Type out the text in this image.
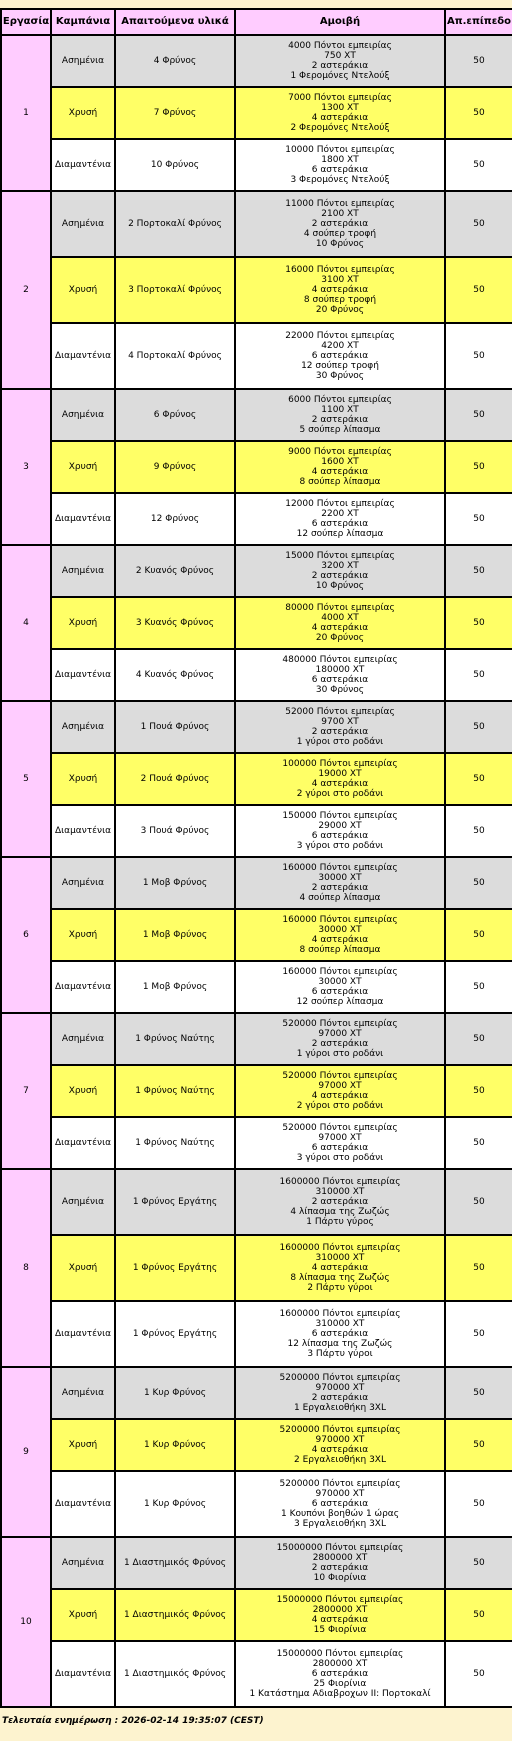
Εργασία	Καμπάνια	Απαιτούμενα υλικά	Αμοιβή	Απ.επίπεδο
1	Ασημένια	4 Φρύνος	4000 Πόντοι εμπειρίας
750 ΧΤ
2 αστεράκια
1 Φερομόνες Ντελούξ	50
	Χρυσή	7 Φρύνος	7000 Πόντοι εμπειρίας
1300 ΧΤ
4 αστεράκια
2 Φερομόνες Ντελούξ	50
	Διαμαντένια	10 Φρύνος	10000 Πόντοι εμπειρίας
1800 ΧΤ
6 αστεράκια
3 Φερομόνες Ντελούξ	50
2	Ασημένια	2 Πορτοκαλί Φρύνος	11000 Πόντοι εμπειρίας
2100 ΧΤ
2 αστεράκια
4 σούπερ τροφή
10 Φρύνος	50
	Χρυσή	3 Πορτοκαλί Φρύνος	16000 Πόντοι εμπειρίας
3100 ΧΤ
4 αστεράκια
8 σούπερ τροφή
20 Φρύνος	50
	Διαμαντένια	4 Πορτοκαλί Φρύνος	22000 Πόντοι εμπειρίας
4200 ΧΤ
6 αστεράκια
12 σούπερ τροφή
30 Φρύνος	50
3	Ασημένια	6 Φρύνος	6000 Πόντοι εμπειρίας
1100 ΧΤ
2 αστεράκια
5 σούπερ λίπασμα	50
	Χρυσή	9 Φρύνος	9000 Πόντοι εμπειρίας
1600 ΧΤ
4 αστεράκια
8 σούπερ λίπασμα	50
	Διαμαντένια	12 Φρύνος	12000 Πόντοι εμπειρίας
2200 ΧΤ
6 αστεράκια
12 σούπερ λίπασμα	50
4	Ασημένια	2 Κυανός Φρύνος	15000 Πόντοι εμπειρίας
3200 ΧΤ
2 αστεράκια
10 Φρύνος	50
	Χρυσή	3 Κυανός Φρύνος	80000 Πόντοι εμπειρίας
4000 ΧΤ
4 αστεράκια
20 Φρύνος	50
	Διαμαντένια	4 Κυανός Φρύνος	480000 Πόντοι εμπειρίας
180000 ΧΤ
6 αστεράκια
30 Φρύνος	50
5	Ασημένια	1 Πουά Φρύνος	52000 Πόντοι εμπειρίας
9700 ΧΤ
2 αστεράκια
1 γύροι στο ροδάνι	50
	Χρυσή	2 Πουά Φρύνος	100000 Πόντοι εμπειρίας
19000 ΧΤ
4 αστεράκια
2 γύροι στο ροδάνι	50
	Διαμαντένια	3 Πουά Φρύνος	150000 Πόντοι εμπειρίας
29000 ΧΤ
6 αστεράκια
3 γύροι στο ροδάνι	50
6	Ασημένια	1 Μοβ Φρύνος	160000 Πόντοι εμπειρίας
30000 ΧΤ
2 αστεράκια
4 σούπερ λίπασμα	50
	Χρυσή	1 Μοβ Φρύνος	160000 Πόντοι εμπειρίας
30000 ΧΤ
4 αστεράκια
8 σούπερ λίπασμα	50
	Διαμαντένια	1 Μοβ Φρύνος	160000 Πόντοι εμπειρίας
30000 ΧΤ
6 αστεράκια
12 σούπερ λίπασμα	50
7	Ασημένια	1 Φρύνος Ναύτης	520000 Πόντοι εμπειρίας
97000 ΧΤ
2 αστεράκια
1 γύροι στο ροδάνι	50
	Χρυσή	1 Φρύνος Ναύτης	520000 Πόντοι εμπειρίας
97000 ΧΤ
4 αστεράκια
2 γύροι στο ροδάνι	50
	Διαμαντένια	1 Φρύνος Ναύτης	520000 Πόντοι εμπειρίας
97000 ΧΤ
6 αστεράκια
3 γύροι στο ροδάνι	50
8	Ασημένια	1 Φρύνος Εργάτης	1600000 Πόντοι εμπειρίας
310000 ΧΤ
2 αστεράκια
4 λίπασμα της Ζωζώς
1 Πάρτυ γύρος	50
	Χρυσή	1 Φρύνος Εργάτης	1600000 Πόντοι εμπειρίας
310000 ΧΤ
4 αστεράκια
8 λίπασμα της Ζωζώς
2 Πάρτυ γύροι	50
	Διαμαντένια	1 Φρύνος Εργάτης	1600000 Πόντοι εμπειρίας
310000 ΧΤ
6 αστεράκια
12 λίπασμα της Ζωζώς
3 Πάρτυ γύροι	50
9	Ασημένια	1 Κυρ Φρύνος	5200000 Πόντοι εμπειρίας
970000 ΧΤ
2 αστεράκια
1 Εργαλειοθήκη 3XL	50
	Χρυσή	1 Κυρ Φρύνος	5200000 Πόντοι εμπειρίας
970000 ΧΤ
4 αστεράκια
2 Εργαλειοθήκη 3XL	50
	Διαμαντένια	1 Κυρ Φρύνος	5200000 Πόντοι εμπειρίας
970000 ΧΤ
6 αστεράκια
1 Κουπόνι βοηθών 1 ώρας
3 Εργαλειοθήκη 3XL	50
10	Ασημένια	1 Διαστημικός Φρύνος	15000000 Πόντοι εμπειρίας
2800000 ΧΤ
2 αστεράκια
10 Φιορίνια	50
	Χρυσή	1 Διαστημικός Φρύνος	15000000 Πόντοι εμπειρίας
2800000 ΧΤ
4 αστεράκια
15 Φιορίνια	50
	Διαμαντένια	1 Διαστημικός Φρύνος	15000000 Πόντοι εμπειρίας
2800000 ΧΤ
6 αστεράκια
25 Φιορίνια
1 Κατάστημα Αδιαβροχων II: Πορτοκαλί	50
Τελευταία ενημέρωση : 2026-02-14 19:35:07 (CEST)
